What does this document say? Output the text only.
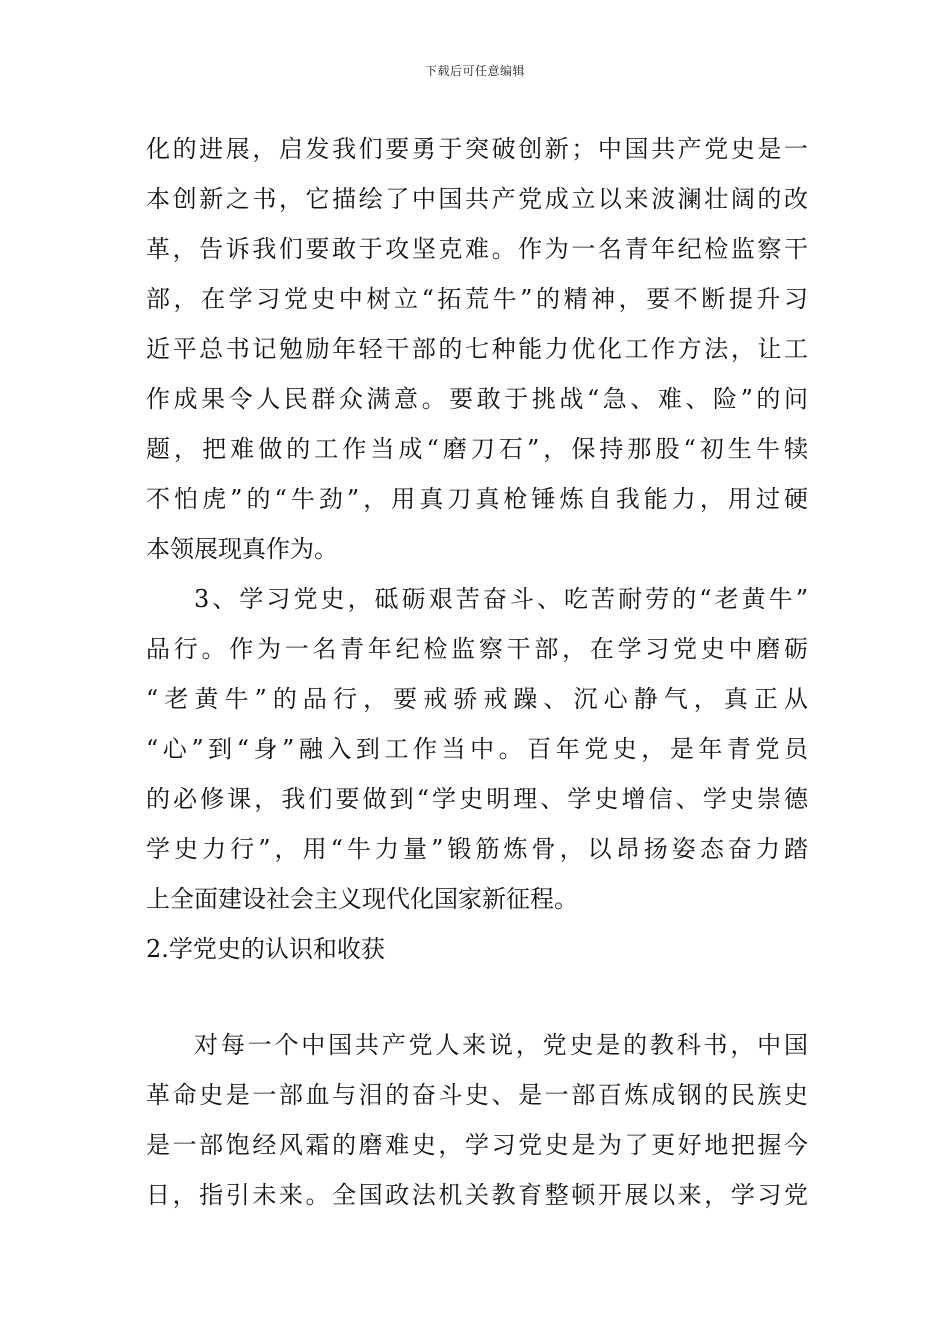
下载后可任意编辑
化的进展，启发我们要勇于突破创新；中国共产党史是一
本创新之书，它描绘了中国共产党成立以来波澜壮阔的改
革，告诉我们要敢于攻坚克难。作为一名青年纪检监察干
部，在学习党史中树立“拓荒牛”的精神，要不断提升习
近平总书记勉励年轻干部的七种能力优化工作方法，让工
作成果令人民群众满意。要敢于挑战“急、难、险”的问
题，把难做的工作当成“磨刀石”，保持那股“初生牛犊
不怕虎”的“牛劲”，用真刀真枪锤炼自我能力，用过硬
本领展现真作为。
3、学习党史，砥砺艰苦奋斗、吃苦耐劳的“老黄牛”
品行。作为一名青年纪检监察干部，在学习党史中磨砺
“老黄牛”的品行，要戒骄戒躁、沉心静气，真正从
“心”到“身”融入到工作当中。百年党史，是年青党员
的必修课，我们要做到“学史明理、学史增信、学史崇德
学史力行”，用“牛力量”锻筋炼骨，以昂扬姿态奋力踏
上全面建设社会主义现代化国家新征程。
2.学党史的认识和收获
对每一个中国共产党人来说，党史是的教科书，中国
革命史是一部血与泪的奋斗史、是一部百炼成钢的民族史
是一部饱经风霜的磨难史，学习党史是为了更好地把握今
日，指引未来。全国政法机关教育整顿开展以来，学习党
